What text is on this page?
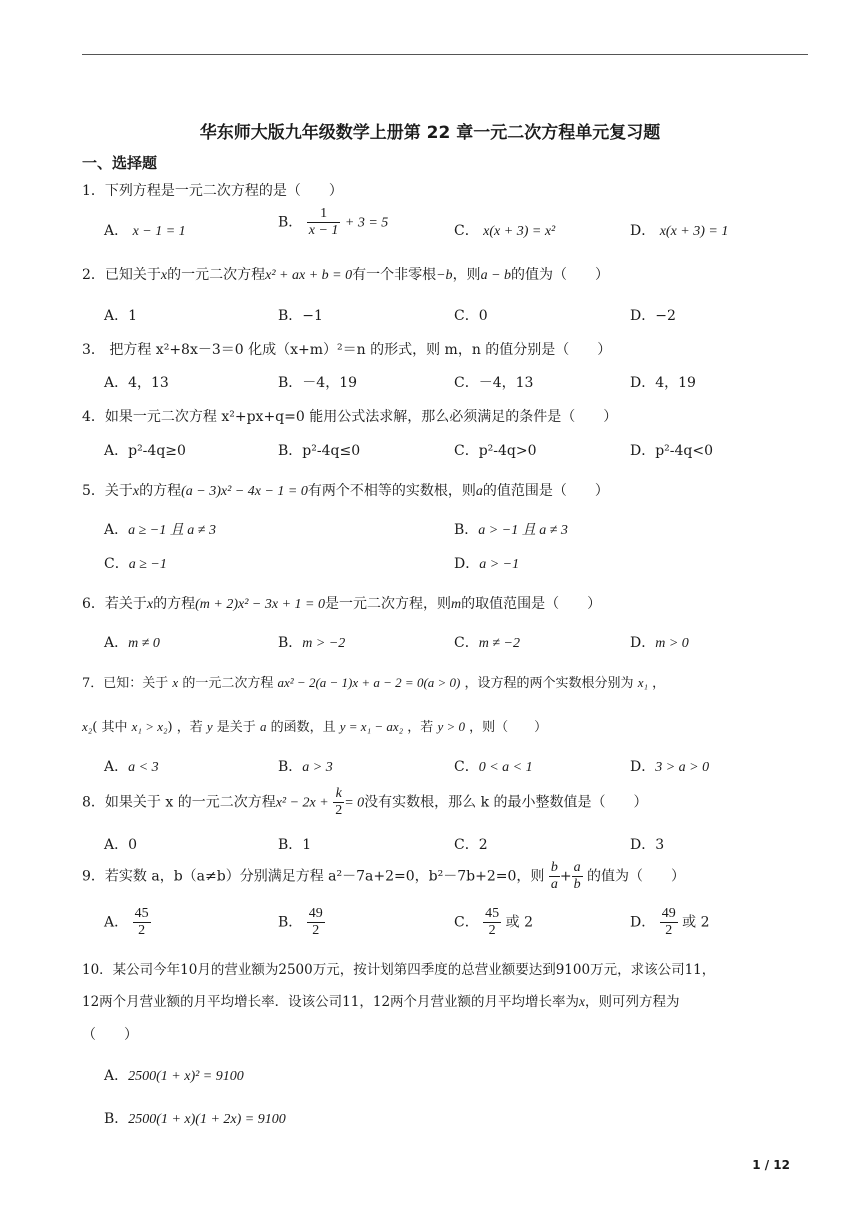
华东师大版九年级数学上册第 22 章一元二次方程单元复习题
一、选择题
1．下列方程是一元二次方程的是（　　）
A． x − 1 = 1
B． $\frac{1}{x - 1} + 3 = 5$	C． x(x + 3) = x²	D． x(x + 3) = 1
2．已知关于x的一元二次方程x² + ax + b = 0有一个非零根−b，则a − b的值为（　　）
A．1	B．−1	C．0	D．−2
3． 把方程 x²+8x－3＝0 化成（x+m）²＝n 的形式，则 m，n 的值分别是（　　）
A．4，13	B．－4，19	C．－4，13	D．4，19
4．如果一元二次方程 x²+px+q=0 能用公式法求解，那么必须满足的条件是（　　）
A．p²-4q≥0	B．p²-4q≤0	C．p²-4q>0	D．p²-4q<0
5．关于x的方程(a − 3)x² − 4x − 1 = 0有两个不相等的实数根，则a的值范围是（　　）
A．a ≥ −1 且 a ≠ 3	B．a > −1 且 a ≠ 3
C．a ≥ −1	D．a > −1
6．若关于x的方程(m + 2)x² − 3x + 1 = 0是一元二次方程，则m的取值范围是（　　）
A．m ≠ 0	B．m > −2	C．m ≠ −2	D．m > 0
7．已知：关于 x 的一元二次方程 ax² − 2(a − 1)x + a − 2 = 0(a > 0) ，设方程的两个实数根分别为 x₁ ，
x₂( 其中 x₁ > x₂) ，若 y 是关于 a 的函数，且 y = x₁ − ax₂ ，若 y > 0 ，则（　　）
A．a < 3	B．a > 3	C．0 < a < 1	D．3 > a > 0
8．如果关于 x 的一元二次方程$x^2 - 2x + \frac{k}{2} = 0$没有实数根，那么 k 的最小整数值是（　　）
A．0	B．1	C．2	D．3
9．若实数 a，b（a≠b）分别满足方程 a²－7a+2=0，b²－7b+2=0，则 $\frac{b}{a} + \frac{a}{b}$ 的值为（　　）
A． $\frac{45}{2}$	B． $\frac{49}{2}$	C． $\frac{45}{2}$ 或 2	D． $\frac{49}{2}$ 或 2
10．某公司今年10月的营业额为2500万元，按计划第四季度的总营业额要达到9100万元，求该公司11，
12两个月营业额的月平均增长率．设该公司11，12两个月营业额的月平均增长率为x，则可列方程为
（　　）
A．2500(1 + x)² = 9100
B．2500(1 + x)(1 + 2x) = 9100
1 / 12
